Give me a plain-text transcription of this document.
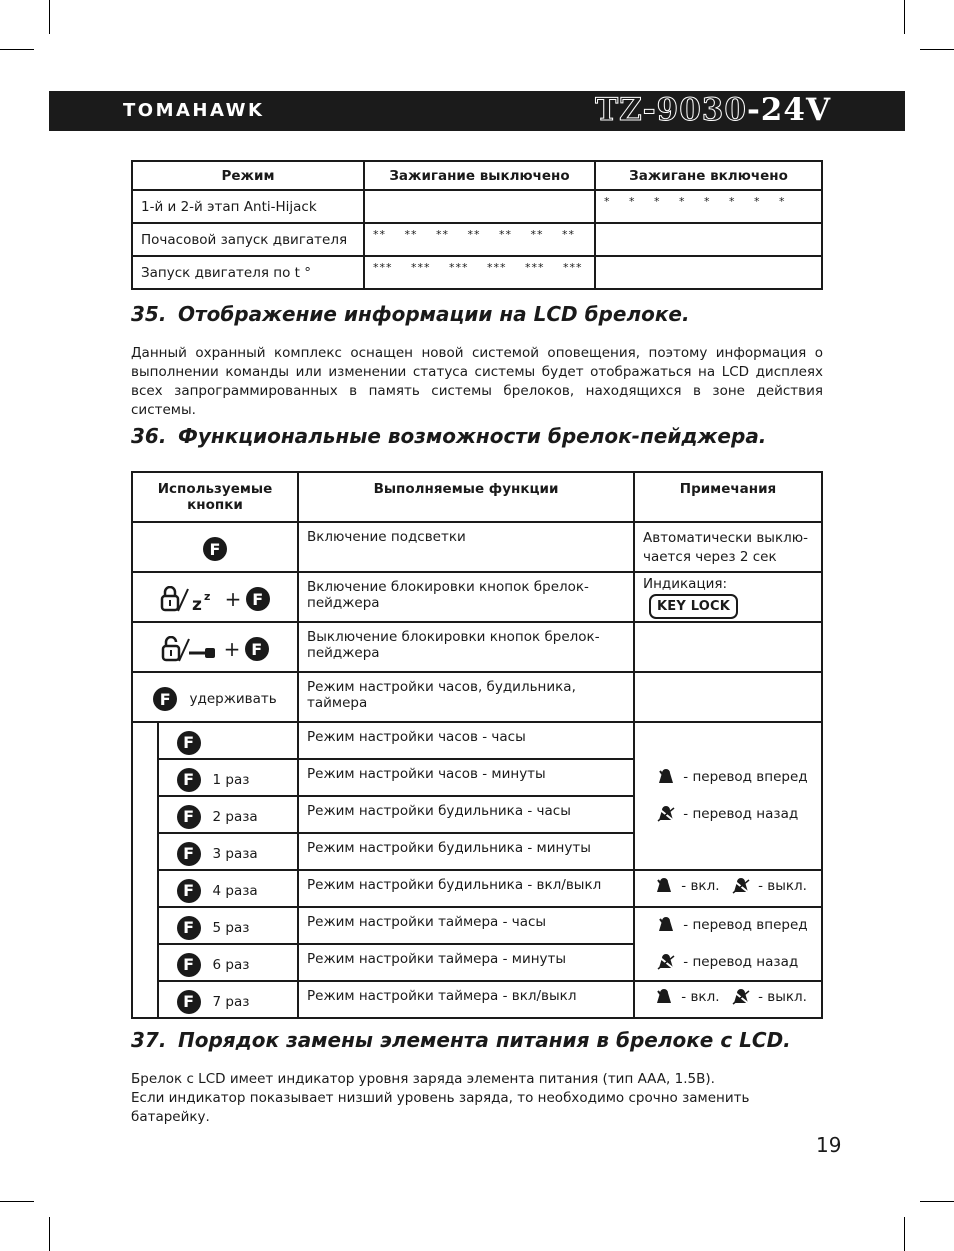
TOMAHAWK	TZ-9030-24V
Режим	Зажигание выключено	Зажигане включено
1-й и 2-й этап Anti-Hijack		* * * * * * * *
Почасовой запуск двигателя	** ** ** ** ** ** **	
Запуск двигателя по t °	*** *** *** *** *** ***	
35. Отображение информации на LCD брелоке.
Данный охранный комплекс оснащен новой системой оповещения, поэтому информация о выполнении команды или изменении статуса системы будет отображаться на LCD дисплеях всех запрограммированных в память системы брелоков, находящихся в зоне действия системы.
36. Функциональные возможности брелок-пейджера.
Используемые кнопки		Выполняемые функции	Примечания
F		Включение подсветки	Автоматически выклю-чается через 2 сек

z z + F		Включение блокировки кнопок брелок-пейджера	Индикация: KEY LOCK
+ F		Выключение блокировки кнопок брелок-пейджера	
F удерживать		Режим настройки часов, будильника, таймера	
	F	Режим настройки часов - часы	- перевод вперед
- перевод назад

	F 1 раз	Режим настройки часов - минуты	
	F 2 раза	Режим настройки будильника - часы	
	F 3 раза	Режим настройки будильника - минуты	
	F 4 раза	Режим настройки будильника - вкл/выкл	- вкл. - выкл.
	F 5 раз	Режим настройки таймера - часы	- перевод вперед
- перевод назад

	F 6 раз	Режим настройки таймера - минуты	
	F 7 раз	Режим настройки таймера - вкл/выкл	- вкл. - выкл.
37. Порядок замены элемента питания в брелоке с LCD.
Брелок с LCD имеет индикатор уровня заряда элемента питания (тип AAA, 1.5В).
Если индикатор показывает низший уровень заряда, то необходимо срочно заменить батарейку.
19
